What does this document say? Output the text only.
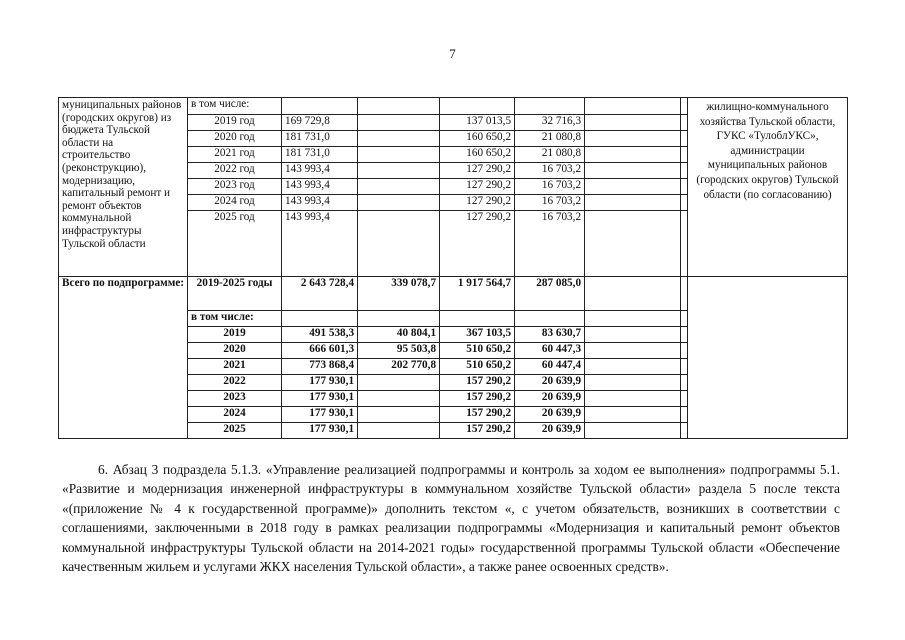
7
муниципальных районов (городских округов) из бюджета Тульской области на строительство (реконструкцию), модернизацию, капитальный ремонт и ремонт объектов коммунальной инфраструктуры Тульской области	в том числе:							жилищно-коммунального хозяйства Тульской области, ГУКС «ТулоблУКС», администрации муниципальных районов (городских округов) Тульской области (по согласованию)
	2019 год	169 729,8		137 013,5	32 716,3			
	2020 год	181 731,0		160 650,2	21 080,8			
	2021 год	181 731,0		160 650,2	21 080,8			
	2022 год	143 993,4		127 290,2	16 703,2			
	2023 год	143 993,4		127 290,2	16 703,2			
	2024 год	143 993,4		127 290,2	16 703,2			
	2025 год	143 993,4		127 290,2	16 703,2			
Всего по подпрограмме:	2019-2025 годы	2 643 728,4	339 078,7	1 917 564,7	287 085,0			
	в том числе:							
	2019	491 538,3	40 804,1	367 103,5	83 630,7			
	2020	666 601,3	95 503,8	510 650,2	60 447,3			
	2021	773 868,4	202 770,8	510 650,2	60 447,4			
	2022	177 930,1		157 290,2	20 639,9			
	2023	177 930,1		157 290,2	20 639,9			
	2024	177 930,1		157 290,2	20 639,9			
	2025	177 930,1		157 290,2	20 639,9			
6. Абзац 3 подраздела 5.1.3. «Управление реализацией подпрограммы и контроль за ходом ее выполнения» подпрограммы 5.1. «Развитие и модернизация инженерной инфраструктуры в коммунальном хозяйстве Тульской области» раздела 5 после текста «(приложение № 4 к государственной программе)» дополнить текстом «, с учетом обязательств, возникших в соответствии с соглашениями, заключенными в 2018 году в рамках реализации подпрограммы «Модернизация и капитальный ремонт объектов коммунальной инфраструктуры Тульской области на 2014-2021 годы» государственной программы Тульской области «Обеспечение качественным жильем и услугами ЖКХ населения Тульской области», а также ранее освоенных средств».
